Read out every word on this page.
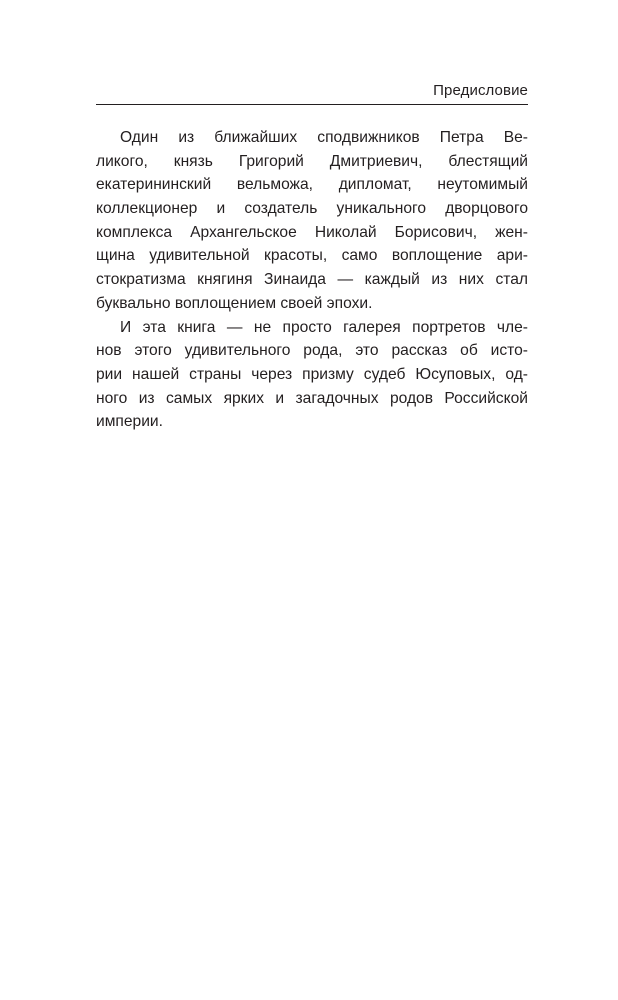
Предисловие
Один из ближайших сподвижников Петра Ве-
ликого, князь Григорий Дмитриевич, блестящий
екатерининский вельможа, дипломат, неутомимый
коллекционер и создатель уникального дворцового
комплекса Архангельское Николай Борисович, жен-
щина удивительной красоты, само воплощение ари-
стократизма княгиня Зинаида — каждый из них стал
буквально воплощением своей эпохи.
И эта книга — не просто галерея портретов чле-
нов этого удивительного рода, это рассказ об исто-
рии нашей страны через призму судеб Юсуповых, од-
ного из самых ярких и загадочных родов Российской
империи.
